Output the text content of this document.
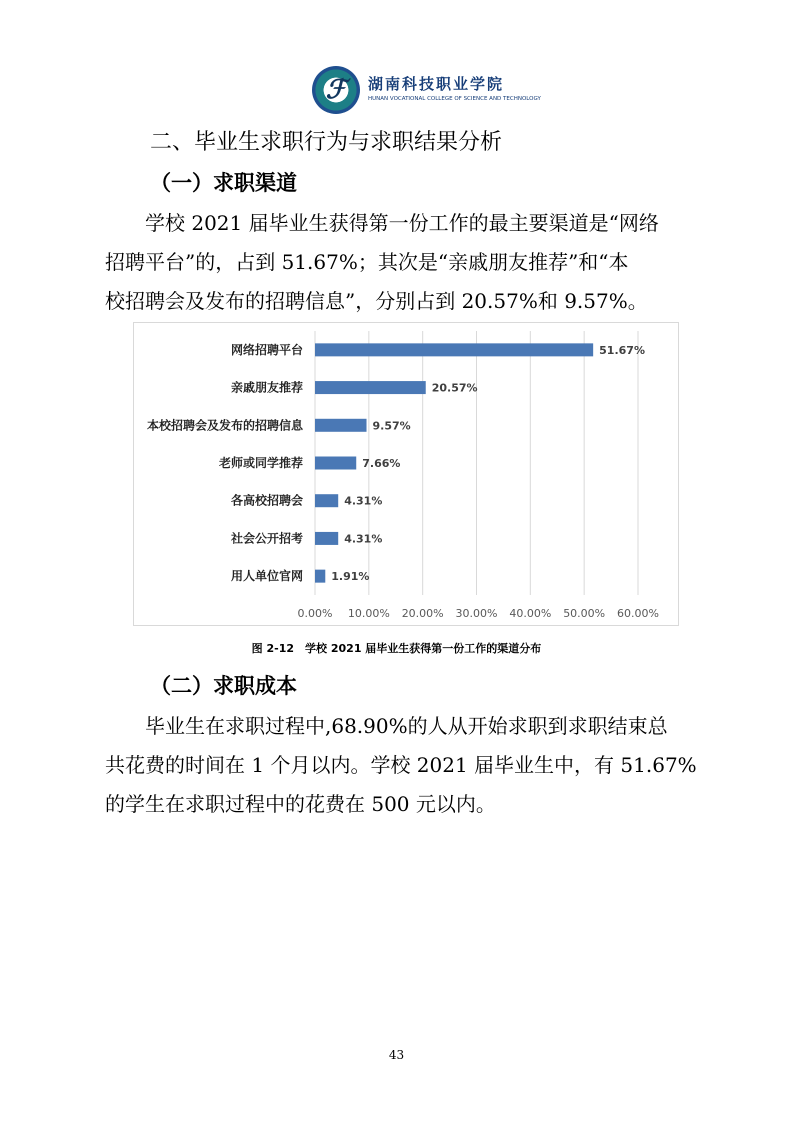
ℱ 湖南科技职业学院
HUNAN VOCATIONAL COLLEGE OF SCIENCE AND TECHNOLOGY
二、毕业生求职行为与求职结果分析
（一）求职渠道
学校 2021 届毕业生获得第一份工作的最主要渠道是“网络
招聘平台”的，占到 51.67%；其次是“亲戚朋友推荐”和“本
校招聘会及发布的招聘信息”，分别占到 20.57%和 9.57%。
0.00% 10.00% 20.00% 30.00% 40.00% 50.00% 60.00%
网络招聘平台	51.67%
亲戚朋友推荐	20.57%
本校招聘会及发布的招聘信息	9.57%
老师或同学推荐	7.66%
各高校招聘会	4.31%
社会公开招考	4.31%
用人单位官网	1.91%
图 2-12　学校 2021 届毕业生获得第一份工作的渠道分布
（二）求职成本
毕业生在求职过程中,68.90%的人从开始求职到求职结束总
共花费的时间在 1 个月以内。学校 2021 届毕业生中，有 51.67%
的学生在求职过程中的花费在 500 元以内。
43
